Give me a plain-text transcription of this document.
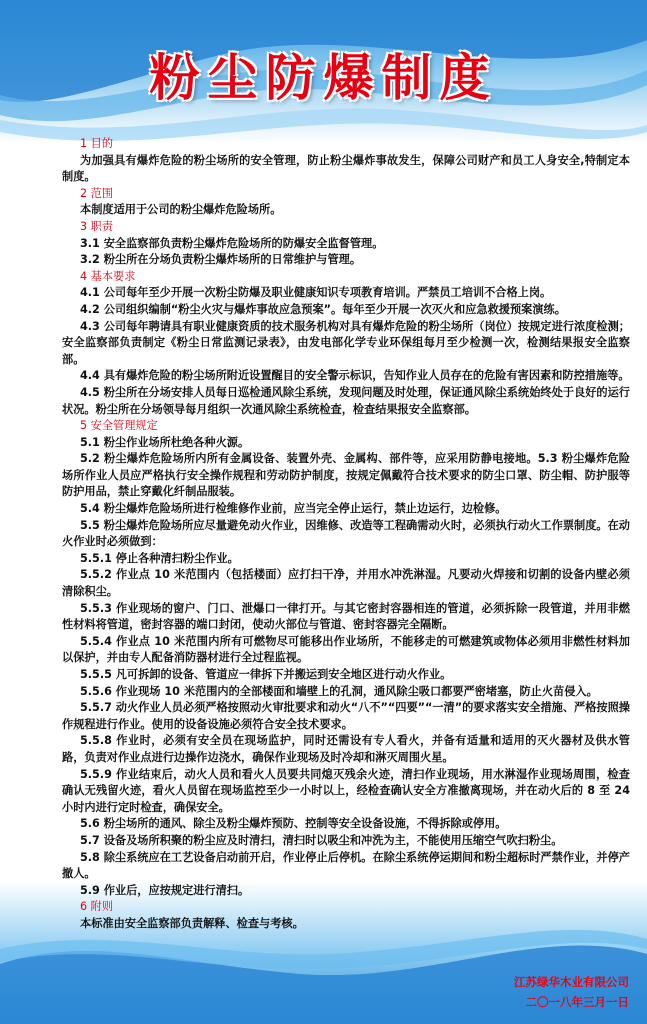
粉尘防爆制度
1 目的
为加强具有爆炸危险的粉尘场所的安全管理，防止粉尘爆炸事故发生，保障公司财产和员工人身安全,特制定本制度。
2 范围
本制度适用于公司的粉尘爆炸危险场所。
3 职责
3.1 安全监察部负责粉尘爆炸危险场所的防爆安全监督管理。
3.2 粉尘所在分场负责粉尘爆炸场所的日常维护与管理。
4 基本要求
4.1 公司每年至少开展一次粉尘防爆及职业健康知识专项教育培训。严禁员工培训不合格上岗。
4.2 公司组织编制“粉尘火灾与爆炸事故应急预案”。每年至少开展一次灭火和应急救援预案演练。
4.3 公司每年聘请具有职业健康资质的技术服务机构对具有爆炸危险的粉尘场所（岗位）按规定进行浓度检测；安全监察部负责制定《粉尘日常监测记录表》，由发电部化学专业环保组每月至少检测一次，检测结果报安全监察部。
4.4 具有爆炸危险的粉尘场所附近设置醒目的安全警示标识，告知作业人员存在的危险有害因素和防控措施等。
4.5 粉尘所在分场安排人员每日巡检通风除尘系统，发现问题及时处理，保证通风除尘系统始终处于良好的运行状况。粉尘所在分场领导每月组织一次通风除尘系统检查，检查结果报安全监察部。
5 安全管理规定
5.1 粉尘作业场所杜绝各种火源。
5.2 粉尘爆炸危险场所内所有金属设备、装置外壳、金属构、部件等，应采用防静电接地。5.3 粉尘爆炸危险场所作业人员应严格执行安全操作规程和劳动防护制度，按规定佩戴符合技术要求的防尘口罩、防尘帽、防护服等防护用品，禁止穿戴化纤制品服装。
5.4 粉尘爆炸危险场所进行检维修作业前，应当完全停止运行，禁止边运行，边检修。
5.5 粉尘爆炸危险场所应尽量避免动火作业，因维修、改造等工程确需动火时，必须执行动火工作票制度。在动火作业时必须做到：
5.5.1 停止各种清扫粉尘作业。
5.5.2 作业点 10 米范围内（包括楼面）应打扫干净，并用水冲洗淋湿。凡要动火焊接和切割的设备内壁必须清除积尘。
5.5.3 作业现场的窗户、门口、泄爆口一律打开。与其它密封容器相连的管道，必须拆除一段管道，并用非燃性材料将管道，密封容器的端口封闭，使动火部位与管道、密封容器完全隔断。
5.5.4 作业点 10 米范围内所有可燃物尽可能移出作业场所，不能移走的可燃建筑或物体必须用非燃性材料加以保护，并由专人配备消防器材进行全过程监视。
5.5.5 凡可拆卸的设备、管道应一律拆下并搬运到安全地区进行动火作业。
5.5.6 作业现场 10 米范围内的全部楼面和墙壁上的孔洞，通风除尘吸口都要严密堵塞，防止火苗侵入。
5.5.7 动火作业人员必须严格按照动火审批要求和动火“八不”“四要”“一清”的要求落实安全措施、严格按照操作规程进行作业。使用的设备设施必须符合安全技术要求。
5.5.8 作业时，必须有安全员在现场监护，同时还需设有专人看火，并备有适量和适用的灭火器材及供水管路，负责对作业点进行边操作边浇水，确保作业现场及时冷却和淋灭周围火星。
5.5.9 作业结束后，动火人员和看火人员要共同熄灭残余火迹，清扫作业现场，用水淋湿作业现场周围，检查确认无残留火迹，看火人员留在现场监控至少一小时以上，经检查确认安全方准撤离现场，并在动火后的 8 至 24 小时内进行定时检查，确保安全。
5.6 粉尘场所的通风、除尘及粉尘爆炸预防、控制等安全设备设施，不得拆除或停用。
5.7 设备及场所积聚的粉尘应及时清扫，清扫时以吸尘和冲洗为主，不能使用压缩空气吹扫粉尘。
5.8 除尘系统应在工艺设备启动前开启，作业停止后停机。在除尘系统停运期间和粉尘超标时严禁作业，并停产撤人。
5.9 作业后，应按规定进行清扫。
6 附则
本标准由安全监察部负责解释、检查与考核。
江苏绿华木业有限公司
二〇一八年三月一日
